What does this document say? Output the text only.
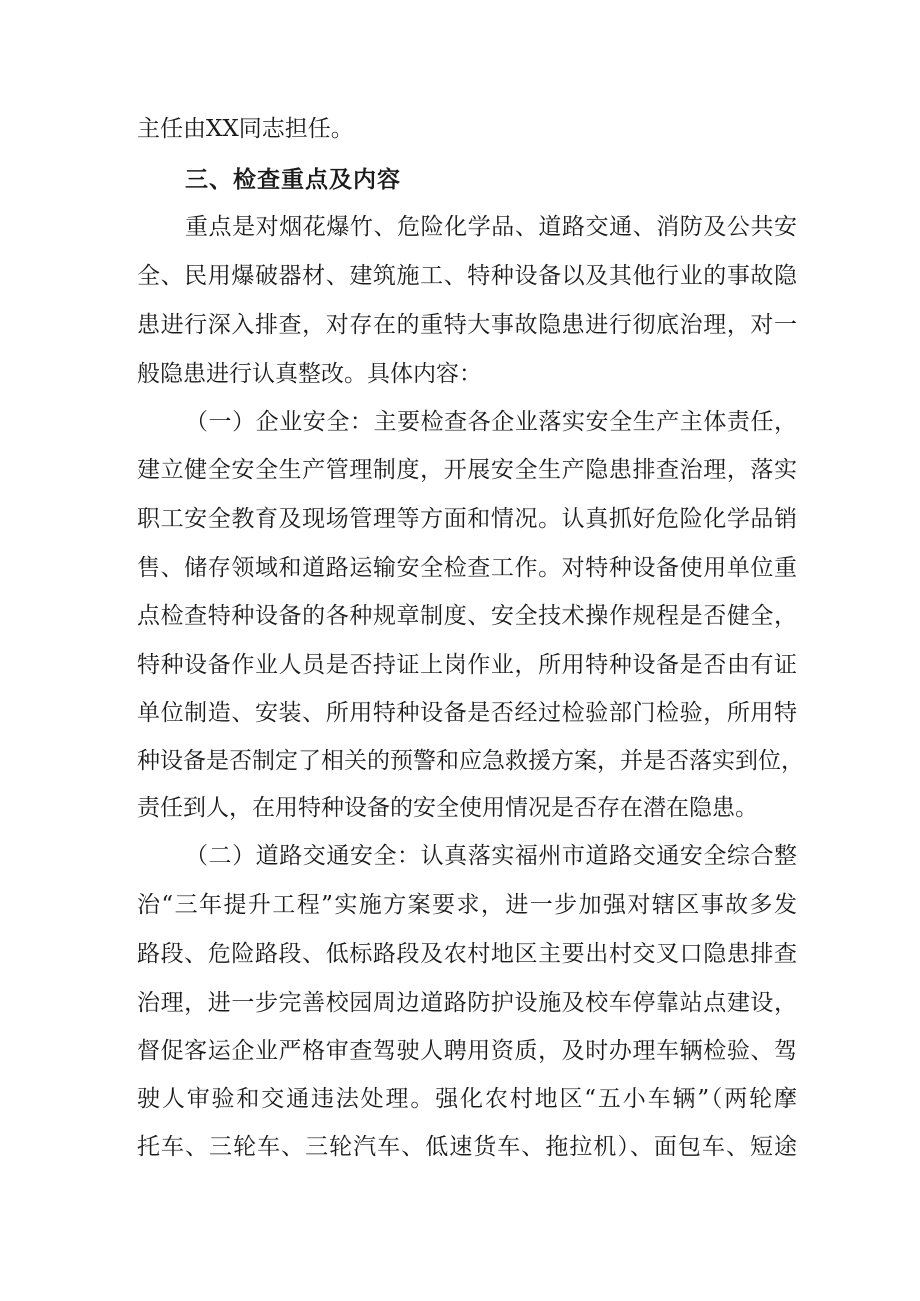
主任由XX同志担任。
三、检查重点及内容
重点是对烟花爆竹、危险化学品、道路交通、消防及公共安
全、民用爆破器材、建筑施工、特种设备以及其他行业的事故隐
患进行深入排查，对存在的重特大事故隐患进行彻底治理，对一
般隐患进行认真整改。具体内容：
（一）企业安全：主要检查各企业落实安全生产主体责任，
建立健全安全生产管理制度，开展安全生产隐患排查治理，落实
职工安全教育及现场管理等方面和情况。认真抓好危险化学品销
售、储存领域和道路运输安全检查工作。对特种设备使用单位重
点检查特种设备的各种规章制度、安全技术操作规程是否健全，
特种设备作业人员是否持证上岗作业，所用特种设备是否由有证
单位制造、安装、所用特种设备是否经过检验部门检验，所用特
种设备是否制定了相关的预警和应急救援方案，并是否落实到位，
责任到人，在用特种设备的安全使用情况是否存在潜在隐患。
（二）道路交通安全：认真落实福州市道路交通安全综合整
治“三年提升工程”实施方案要求，进一步加强对辖区事故多发
路段、危险路段、低标路段及农村地区主要出村交叉口隐患排查
治理，进一步完善校园周边道路防护设施及校车停靠站点建设，
督促客运企业严格审查驾驶人聘用资质，及时办理车辆检验、驾
驶人审验和交通违法处理。强化农村地区“五小车辆”（两轮摩
托车、三轮车、三轮汽车、低速货车、拖拉机）、面包车、短途
